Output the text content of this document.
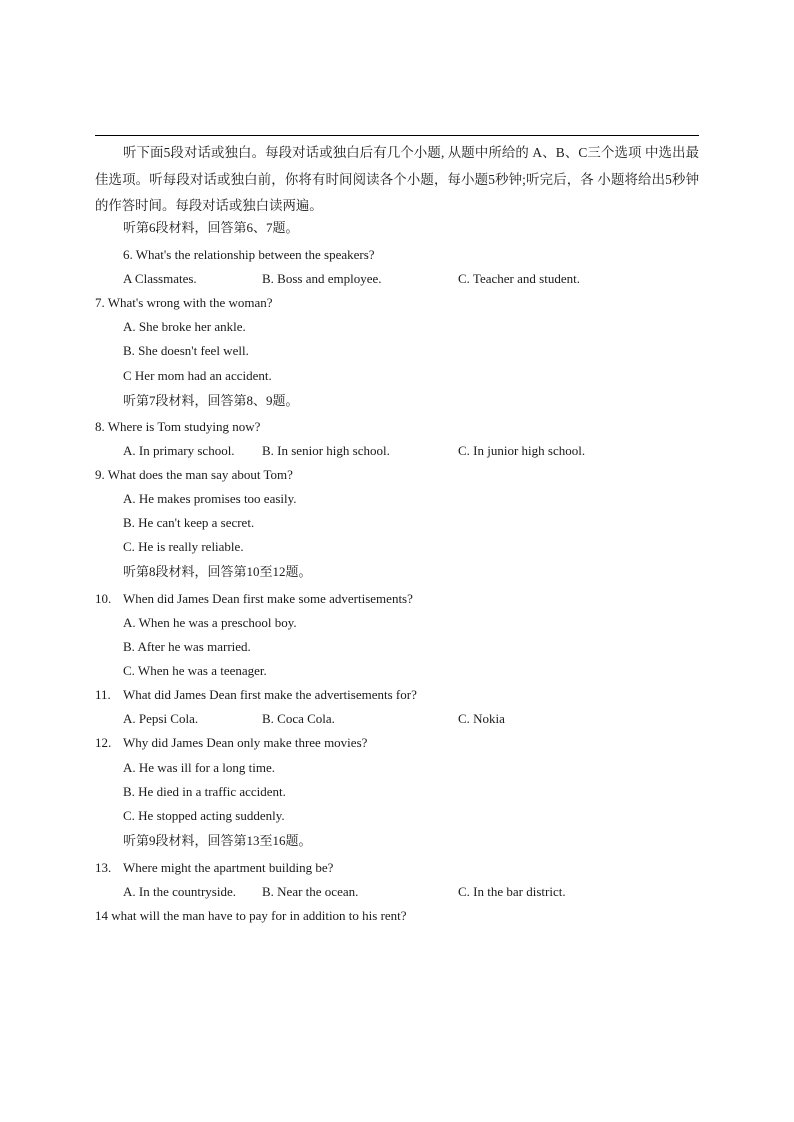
听下面5段对话或独白。每段对话或独白后有几个小题, 从题中所给的 A、B、C三个选项 中选出最佳选项。听每段对话或独白前，你将有时间阅读各个小题，每小题5秒钟;听完后，各 小题将给出5秒钟的作答时间。每段对话或独白读两遍。
听第6段材料，回答第6、7题。
6. What's the relationship between the speakers?
A Classmates.	B. Boss and employee.	C. Teacher and student.
7. What's wrong with the woman?
A. She broke her ankle.
B. She doesn't feel well.
C Her mom had an accident.
听第7段材料，回答第8、9题。
8. Where is Tom studying now?
A. In primary school. B. In senior high school.	C. In junior high school.
9. What does the man say about Tom?
A. He makes promises too easily.
B. He can't keep a secret.
C. He is really reliable.
听第8段材料，回答第10至12题。
10. When did James Dean first make some advertisements?
A. When he was a preschool boy.
B. After he was married.
C. When he was a teenager.
11. What did James Dean first make the advertisements for?
A. Pepsi Cola.	B. Coca Cola.	C. Nokia
12. Why did James Dean only make three movies?
A. He was ill for a long time.
B. He died in a traffic accident.
C. He stopped acting suddenly.
听第9段材料，回答第13至16题。
13. Where might the apartment building be?
A. In the countryside. B. Near the ocean.	C. In the bar district.
14 what will the man have to pay for in addition to his rent?
